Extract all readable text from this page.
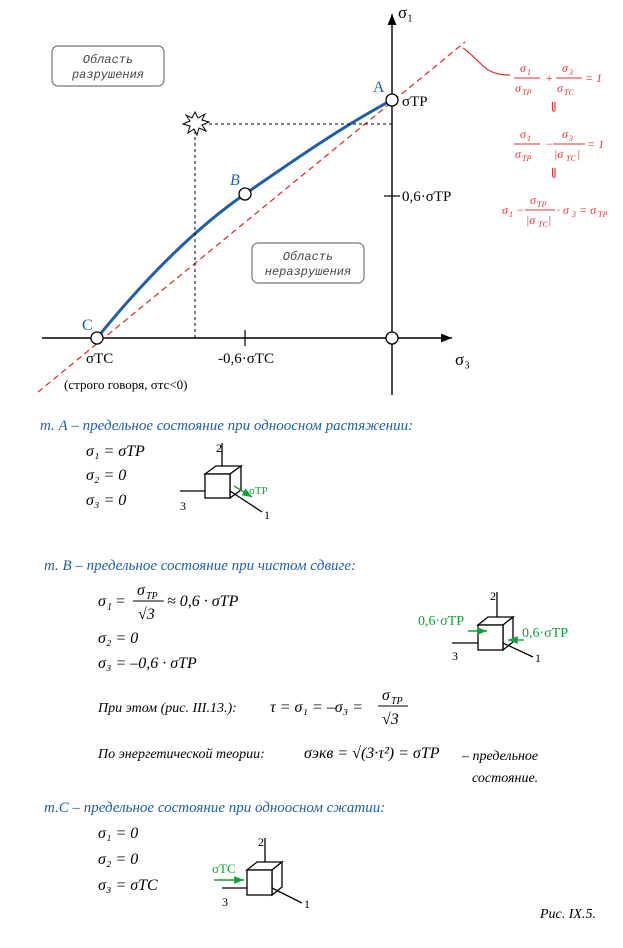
σ₁
σ₃
A
B
C
σТР
0,6·σТР
σТС	-0,6·σТС
(строго говоря, σтс<0)
Область
разрушения
Область
неразрушения
σ 1
σ ТР
+
σ 3
σ ТС
= 1
⇓
σ 1
σ ТР
−
σ 3
|σ ТС |
= 1
⇓
σ 1 −
σ ТР
|σ ТС |
· σ 3 = σ ТР
т. А – предельное состояние при одноосном растяжении:
σ₁ = σТР
σ₂ = 0
σ₃ = 0
σТР
2
3
1
т. В – предельное состояние при чистом сдвиге:
σ 1 =
σ ТР
√3
≈ 0,6 · σТР
σ₂ = 0
σ₃ = –0,6 · σТР
При этом (рис. III.13.): τ = σ₁ = –σ₃ =
σ ТР
√3
По энергетической теории: σэкв = √(3·τ²) = σТР – предельное
состояние.
0,6·σТР
0,6·σТР
2
3	1
т.С – предельное состояние при одноосном сжатии:
σ₁ = 0
σ₂ = 0
σ₃ = σТС
σТС
2
3	1
Рис. IX.5.
